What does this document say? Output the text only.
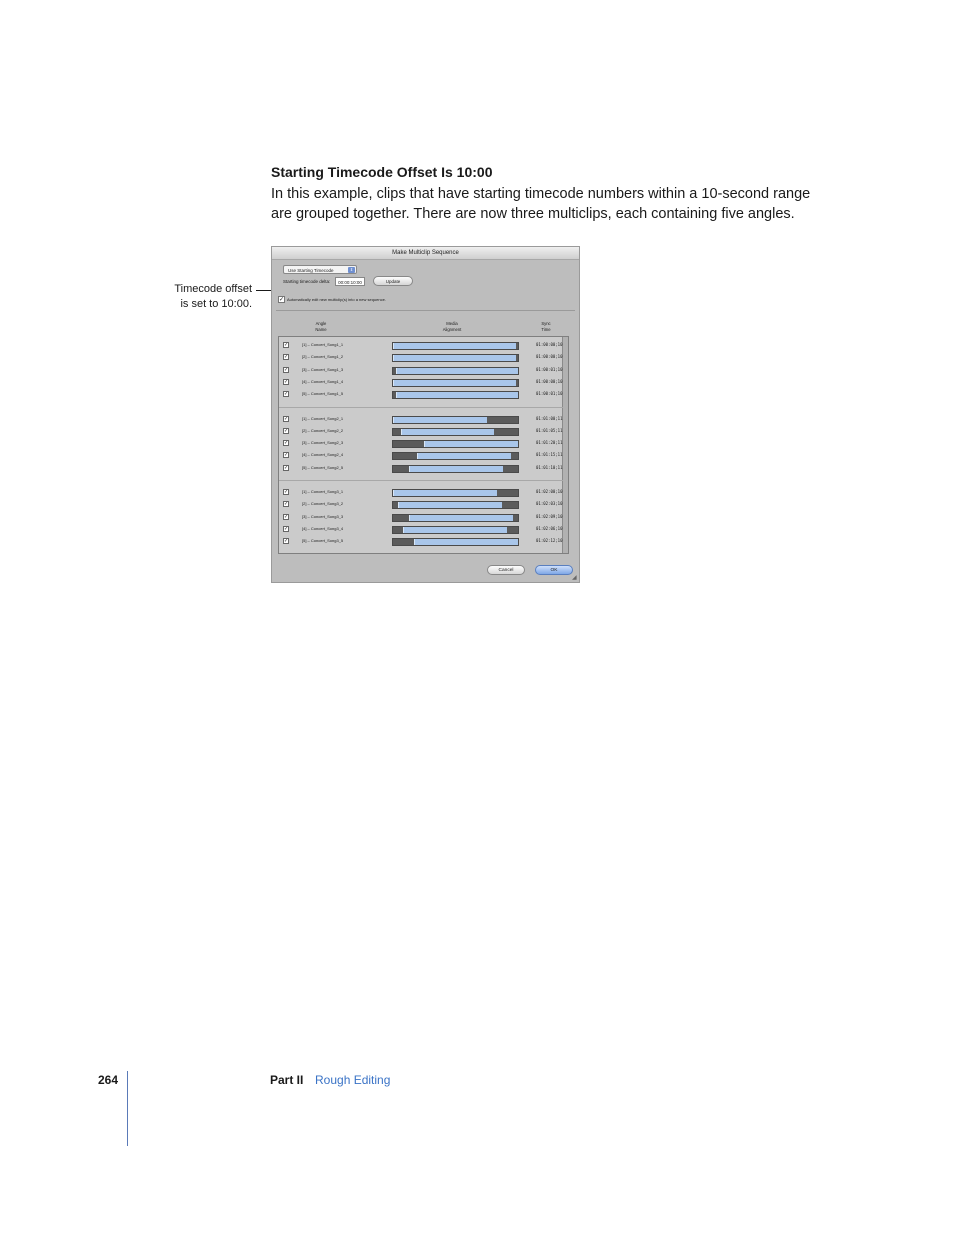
Starting Timecode Offset Is 10:00
In this example, clips that have starting timecode numbers within a 10-second range are grouped together. There are now three multiclips, each containing five angles.
Timecode offset
is set to 10:00.
Make Multiclip Sequence
Use Starting Timecode	⇕
Starting timecode delta:	00:00:10:00	Update
✓ Automatically edit new multiclip(s) into a new sequence.
Angle
Name
Media
Alignment
Sync
Time
✓	[1] – Concert_Song1_1	01:00:00;10
✓	[2] – Concert_Song1_2	01:00:00;10
✓	[3] – Concert_Song1_3	01:00:01;10
✓	[4] – Concert_Song1_4	01:00:00;10
✓	[5] – Concert_Song1_5	01:00:01;10
✓	[1] – Concert_Song2_1	01:01:00;11
✓	[2] – Concert_Song2_2	01:01:05;11
✓	[3] – Concert_Song2_3	01:01:20;11
✓	[4] – Concert_Song2_4	01:01:15;11
✓	[5] – Concert_Song2_5	01:01:10;11
✓	[1] – Concert_Song3_1	01:02:00;10
✓	[2] – Concert_Song3_2	01:02:03;10
✓	[3] – Concert_Song3_3	01:02:09;10
✓	[4] – Concert_Song3_4	01:02:06;10
✓	[5] – Concert_Song3_5	01:02:12;10
Cancel	OK
◢
264	Part II Rough Editing
